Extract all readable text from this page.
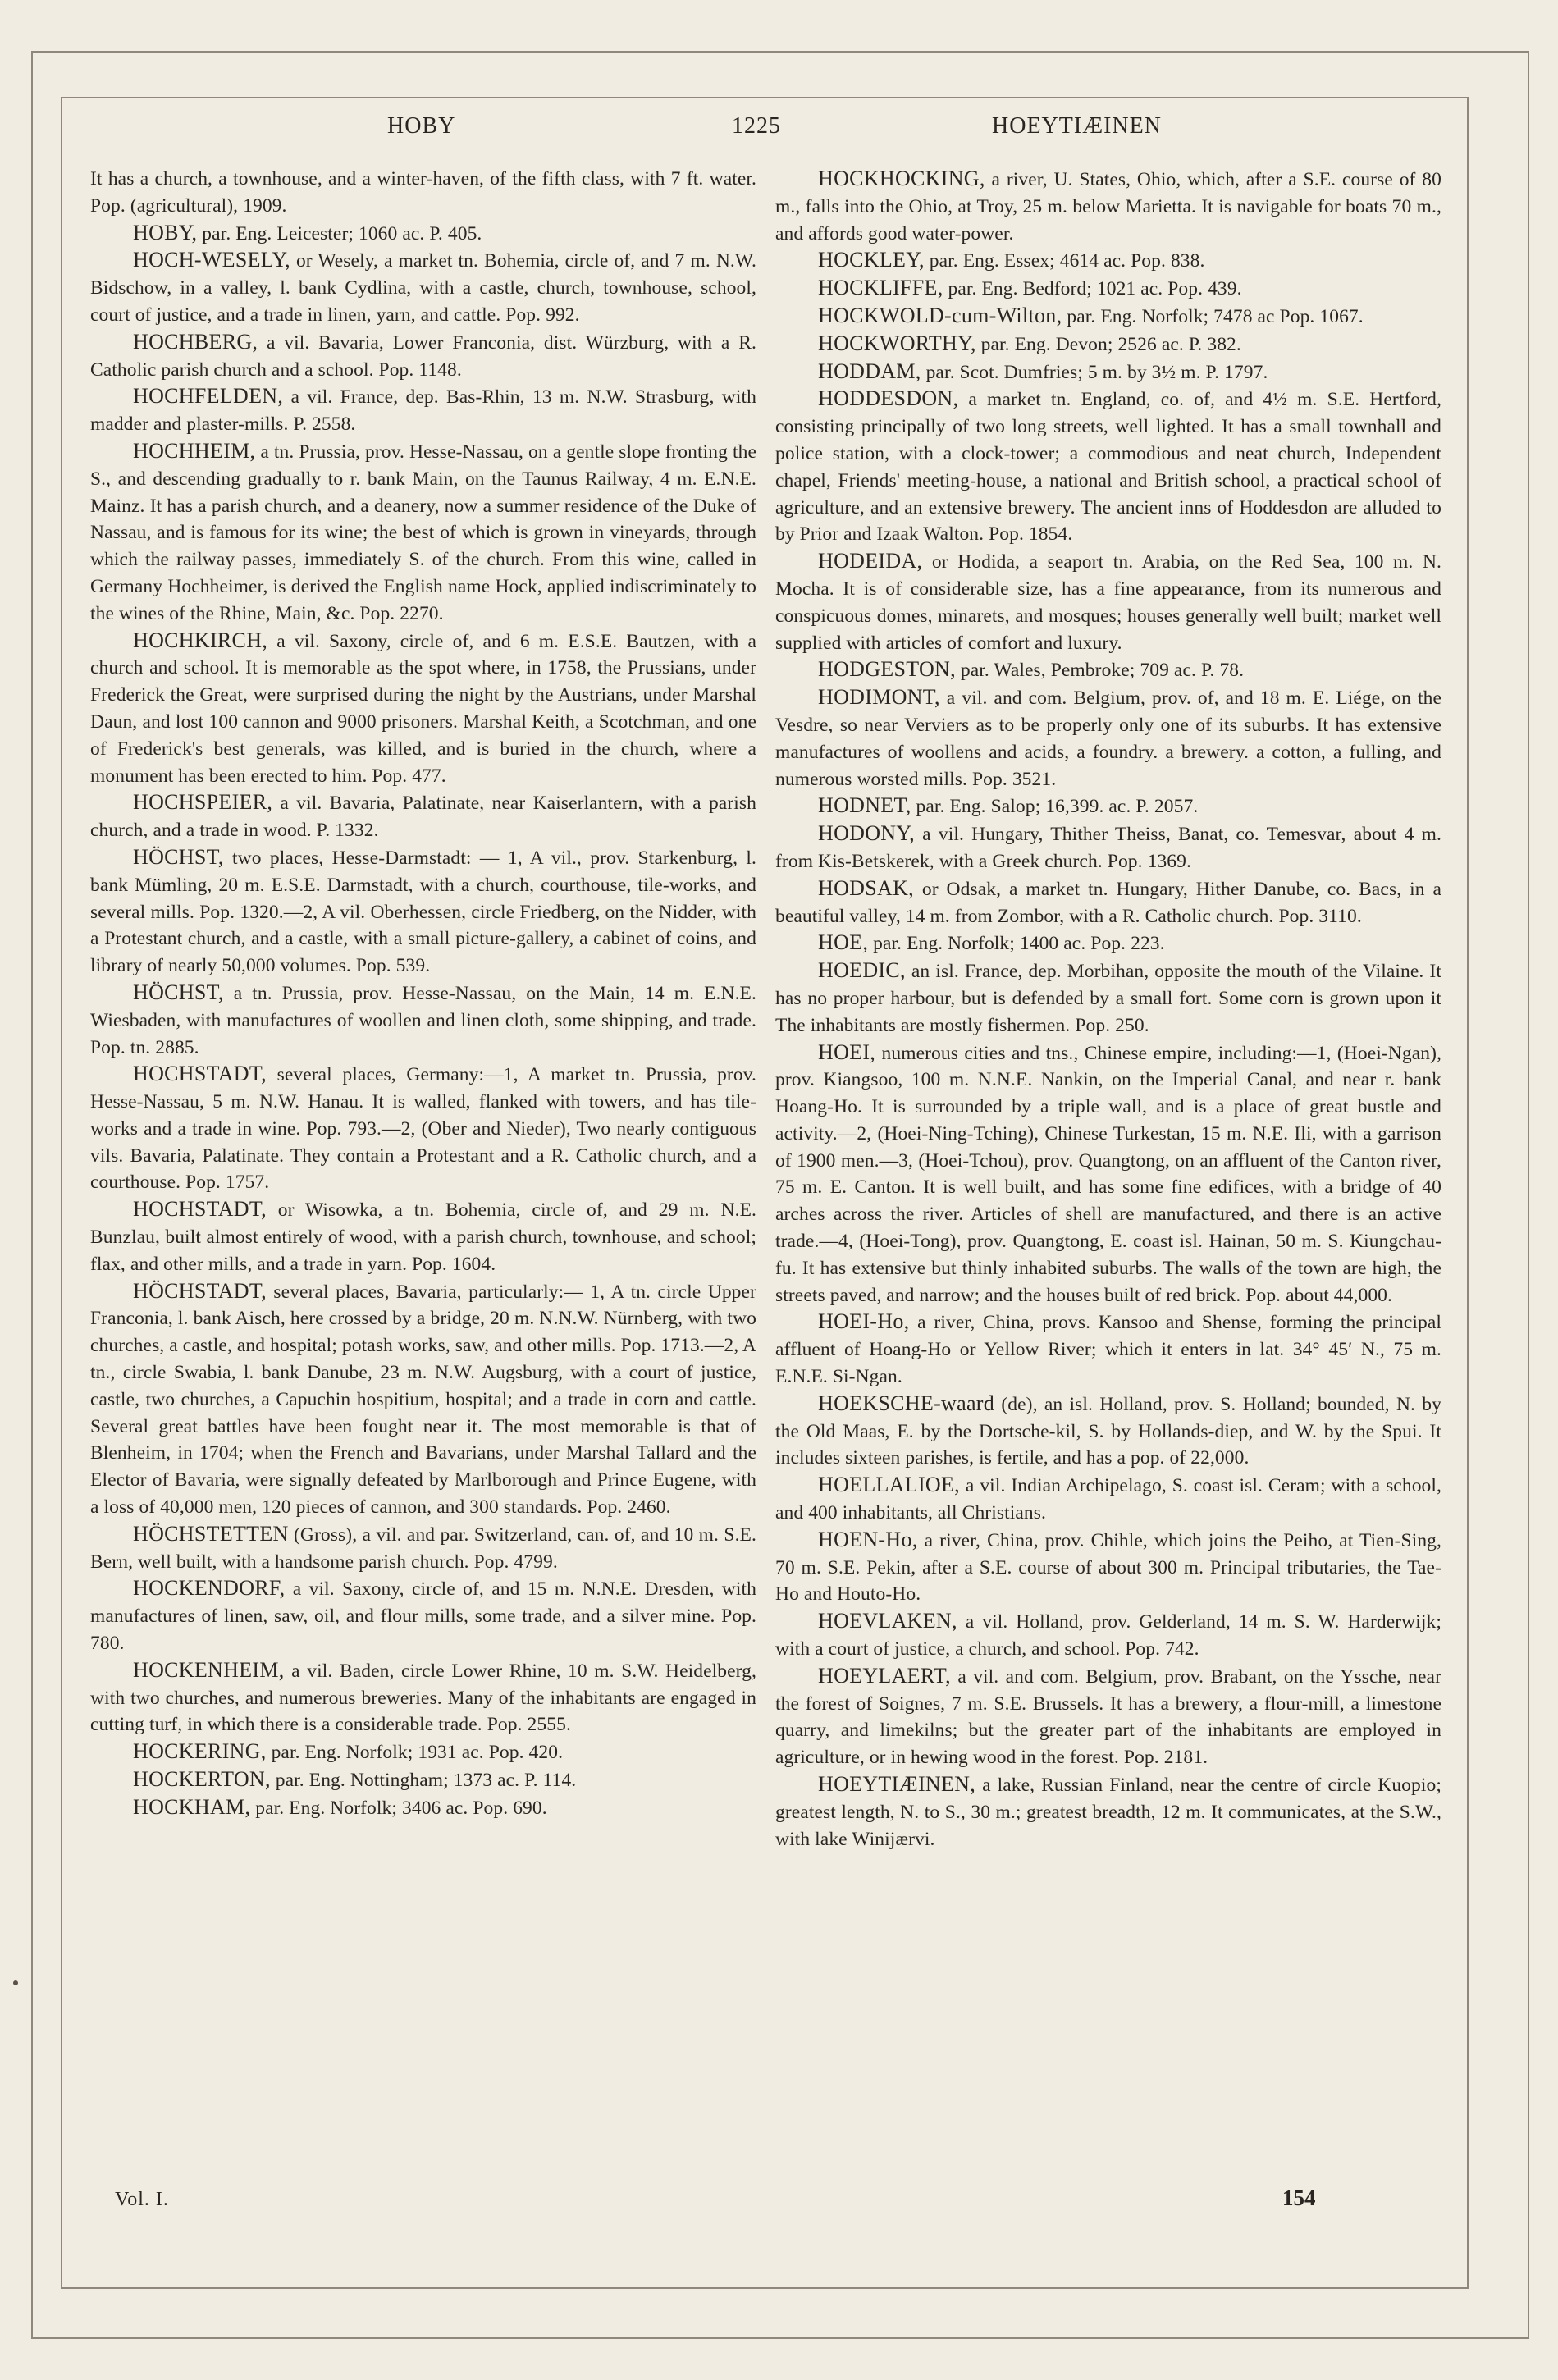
HOBY	1225	HOEYTIÆINEN

It has a church, a townhouse, and a winter-haven, of the fifth class, with 7 ft. water. Pop. (agricultural), 1909.

HOBY, par. Eng. Leicester; 1060 ac. P. 405.

HOCH-WESELY, or Wesely, a market tn. Bohemia, circle of, and 7 m. N.W. Bidschow, in a valley, l. bank Cydlina, with a castle, church, townhouse, school, court of justice, and a trade in linen, yarn, and cattle. Pop. 992.

HOCHBERG, a vil. Bavaria, Lower Franconia, dist. Würzburg, with a R. Catholic parish church and a school. Pop. 1148.

HOCHFELDEN, a vil. France, dep. Bas-Rhin, 13 m. N.W. Strasburg, with madder and plaster-mills. P. 2558.

HOCHHEIM, a tn. Prussia, prov. Hesse-Nassau, on a gentle slope fronting the S., and descending gradually to r. bank Main, on the Taunus Railway, 4 m. E.N.E. Mainz. It has a parish church, and a deanery, now a summer residence of the Duke of Nassau, and is famous for its wine; the best of which is grown in vineyards, through which the railway passes, immediately S. of the church. From this wine, called in Germany Hochheimer, is derived the English name Hock, applied indiscriminately to the wines of the Rhine, Main, &c. Pop. 2270.

HOCHKIRCH, a vil. Saxony, circle of, and 6 m. E.S.E. Bautzen, with a church and school. It is memorable as the spot where, in 1758, the Prussians, under Frederick the Great, were surprised during the night by the Austrians, under Marshal Daun, and lost 100 cannon and 9000 prisoners. Marshal Keith, a Scotchman, and one of Frederick's best generals, was killed, and is buried in the church, where a monument has been erected to him. Pop. 477.

HOCHSPEIER, a vil. Bavaria, Palatinate, near Kaiserlantern, with a parish church, and a trade in wood. P. 1332.

HÖCHST, two places, Hesse-Darmstadt: — 1, A vil., prov. Starkenburg, l. bank Mümling, 20 m. E.S.E. Darmstadt, with a church, courthouse, tile-works, and several mills. Pop. 1320.—2, A vil. Oberhessen, circle Friedberg, on the Nidder, with a Protestant church, and a castle, with a small picture-gallery, a cabinet of coins, and library of nearly 50,000 volumes. Pop. 539.

HÖCHST, a tn. Prussia, prov. Hesse-Nassau, on the Main, 14 m. E.N.E. Wiesbaden, with manufactures of woollen and linen cloth, some shipping, and trade. Pop. tn. 2885.

HOCHSTADT, several places, Germany:—1, A market tn. Prussia, prov. Hesse-Nassau, 5 m. N.W. Hanau. It is walled, flanked with towers, and has tile-works and a trade in wine. Pop. 793.—2, (Ober and Nieder), Two nearly contiguous vils. Bavaria, Palatinate. They contain a Protestant and a R. Catholic church, and a courthouse. Pop. 1757.

HOCHSTADT, or Wisowka, a tn. Bohemia, circle of, and 29 m. N.E. Bunzlau, built almost entirely of wood, with a parish church, townhouse, and school; flax, and other mills, and a trade in yarn. Pop. 1604.

HÖCHSTADT, several places, Bavaria, particularly:— 1, A tn. circle Upper Franconia, l. bank Aisch, here crossed by a bridge, 20 m. N.N.W. Nürnberg, with two churches, a castle, and hospital; potash works, saw, and other mills. Pop. 1713.—2, A tn., circle Swabia, l. bank Danube, 23 m. N.W. Augsburg, with a court of justice, castle, two churches, a Capuchin hospitium, hospital; and a trade in corn and cattle. Several great battles have been fought near it. The most memorable is that of Blenheim, in 1704; when the French and Bavarians, under Marshal Tallard and the Elector of Bavaria, were signally defeated by Marlborough and Prince Eugene, with a loss of 40,000 men, 120 pieces of cannon, and 300 standards. Pop. 2460.

HÖCHSTETTEN (Gross), a vil. and par. Switzerland, can. of, and 10 m. S.E. Bern, well built, with a handsome parish church. Pop. 4799.

HOCKENDORF, a vil. Saxony, circle of, and 15 m. N.N.E. Dresden, with manufactures of linen, saw, oil, and flour mills, some trade, and a silver mine. Pop. 780.

HOCKENHEIM, a vil. Baden, circle Lower Rhine, 10 m. S.W. Heidelberg, with two churches, and numerous breweries. Many of the inhabitants are engaged in cutting turf, in which there is a considerable trade. Pop. 2555.

HOCKERING, par. Eng. Norfolk; 1931 ac. Pop. 420.

HOCKERTON, par. Eng. Nottingham; 1373 ac. P. 114.

HOCKHAM, par. Eng. Norfolk; 3406 ac. Pop. 690.

HOCKHOCKING, a river, U. States, Ohio, which, after a S.E. course of 80 m., falls into the Ohio, at Troy, 25 m. below Marietta. It is navigable for boats 70 m., and affords good water-power.

HOCKLEY, par. Eng. Essex; 4614 ac. Pop. 838.

HOCKLIFFE, par. Eng. Bedford; 1021 ac. Pop. 439.

HOCKWOLD-cum-Wilton, par. Eng. Norfolk; 7478 ac Pop. 1067.

HOCKWORTHY, par. Eng. Devon; 2526 ac. P. 382.

HODDAM, par. Scot. Dumfries; 5 m. by 3½ m. P. 1797.

HODDESDON, a market tn. England, co. of, and 4½ m. S.E. Hertford, consisting principally of two long streets, well lighted. It has a small townhall and police station, with a clock-tower; a commodious and neat church, Independent chapel, Friends' meeting-house, a national and British school, a practical school of agriculture, and an extensive brewery. The ancient inns of Hoddesdon are alluded to by Prior and Izaak Walton. Pop. 1854.

HODEIDA, or Hodida, a seaport tn. Arabia, on the Red Sea, 100 m. N. Mocha. It is of considerable size, has a fine appearance, from its numerous and conspicuous domes, minarets, and mosques; houses generally well built; market well supplied with articles of comfort and luxury.

HODGESTON, par. Wales, Pembroke; 709 ac. P. 78.

HODIMONT, a vil. and com. Belgium, prov. of, and 18 m. E. Liége, on the Vesdre, so near Verviers as to be properly only one of its suburbs. It has extensive manufactures of woollens and acids, a foundry. a brewery. a cotton, a fulling, and numerous worsted mills. Pop. 3521.

HODNET, par. Eng. Salop; 16,399. ac. P. 2057.

HODONY, a vil. Hungary, Thither Theiss, Banat, co. Temesvar, about 4 m. from Kis-Betskerek, with a Greek church. Pop. 1369.

HODSAK, or Odsak, a market tn. Hungary, Hither Danube, co. Bacs, in a beautiful valley, 14 m. from Zombor, with a R. Catholic church. Pop. 3110.

HOE, par. Eng. Norfolk; 1400 ac. Pop. 223.

HOEDIC, an isl. France, dep. Morbihan, opposite the mouth of the Vilaine. It has no proper harbour, but is defended by a small fort. Some corn is grown upon it The inhabitants are mostly fishermen. Pop. 250.

HOEI, numerous cities and tns., Chinese empire, including:—1, (Hoei-Ngan), prov. Kiangsoo, 100 m. N.N.E. Nankin, on the Imperial Canal, and near r. bank Hoang-Ho. It is surrounded by a triple wall, and is a place of great bustle and activity.—2, (Hoei-Ning-Tching), Chinese Turkestan, 15 m. N.E. Ili, with a garrison of 1900 men.—3, (Hoei-Tchou), prov. Quangtong, on an affluent of the Canton river, 75 m. E. Canton. It is well built, and has some fine edifices, with a bridge of 40 arches across the river. Articles of shell are manufactured, and there is an active trade.—4, (Hoei-Tong), prov. Quangtong, E. coast isl. Hainan, 50 m. S. Kiungchau-fu. It has extensive but thinly inhabited suburbs. The walls of the town are high, the streets paved, and narrow; and the houses built of red brick. Pop. about 44,000.

HOEI-Ho, a river, China, provs. Kansoo and Shense, forming the principal affluent of Hoang-Ho or Yellow River; which it enters in lat. 34° 45′ N., 75 m. E.N.E. Si-Ngan.

HOEKSCHE-waard (de), an isl. Holland, prov. S. Holland; bounded, N. by the Old Maas, E. by the Dortsche-kil, S. by Hollands-diep, and W. by the Spui. It includes sixteen parishes, is fertile, and has a pop. of 22,000.

HOELLALIOE, a vil. Indian Archipelago, S. coast isl. Ceram; with a school, and 400 inhabitants, all Christians.

HOEN-Ho, a river, China, prov. Chihle, which joins the Peiho, at Tien-Sing, 70 m. S.E. Pekin, after a S.E. course of about 300 m. Principal tributaries, the Tae-Ho and Houto-Ho.

HOEVLAKEN, a vil. Holland, prov. Gelderland, 14 m. S. W. Harderwijk; with a court of justice, a church, and school. Pop. 742.

HOEYLAERT, a vil. and com. Belgium, prov. Brabant, on the Yssche, near the forest of Soignes, 7 m. S.E. Brussels. It has a brewery, a flour-mill, a limestone quarry, and limekilns; but the greater part of the inhabitants are employed in agriculture, or in hewing wood in the forest. Pop. 2181.

HOEYTIÆINEN, a lake, Russian Finland, near the centre of circle Kuopio; greatest length, N. to S., 30 m.; greatest breadth, 12 m. It communicates, at the S.W., with lake Winijærvi.

Vol. I.	154
